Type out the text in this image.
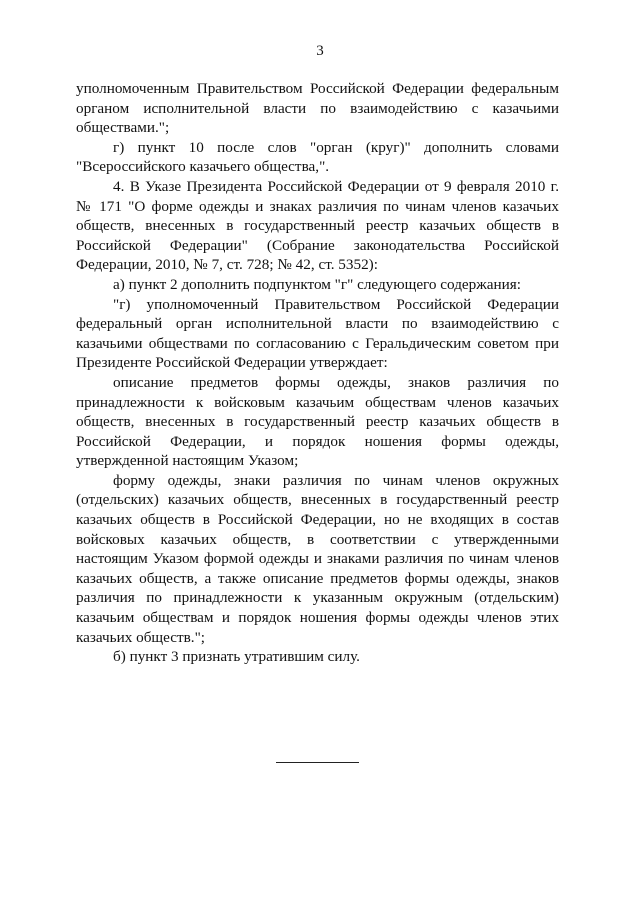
3

уполномоченным Правительством Российской Федерации федеральным органом исполнительной власти по взаимодействию с казачьими обществами.";

г) пункт 10 после слов "орган (круг)" дополнить словами "Всероссийского казачьего общества,".

4. В Указе Президента Российской Федерации от 9 февраля 2010 г. № 171 "О форме одежды и знаках различия по чинам членов казачьих обществ, внесенных в государственный реестр казачьих обществ в Российской Федерации" (Собрание законодательства Российской Федерации, 2010, № 7, ст. 728; № 42, ст. 5352):

а) пункт 2 дополнить подпунктом "г" следующего содержания:

"г) уполномоченный Правительством Российской Федерации федеральный орган исполнительной власти по взаимодействию с казачьими обществами по согласованию с Геральдическим советом при Президенте Российской Федерации утверждает:

описание предметов формы одежды, знаков различия по принадлежности к войсковым казачьим обществам членов казачьих обществ, внесенных в государственный реестр казачьих обществ в Российской Федерации, и порядок ношения формы одежды, утвержденной настоящим Указом;

форму одежды, знаки различия по чинам членов окружных (отдельских) казачьих обществ, внесенных в государственный реестр казачьих обществ в Российской Федерации, но не входящих в состав войсковых казачьих обществ, в соответствии с утвержденными настоящим Указом формой одежды и знаками различия по чинам членов казачьих обществ, а также описание предметов формы одежды, знаков различия по принадлежности к указанным окружным (отдельским) казачьим обществам и порядок ношения формы одежды членов этих казачьих обществ.";

б) пункт 3 признать утратившим силу.
